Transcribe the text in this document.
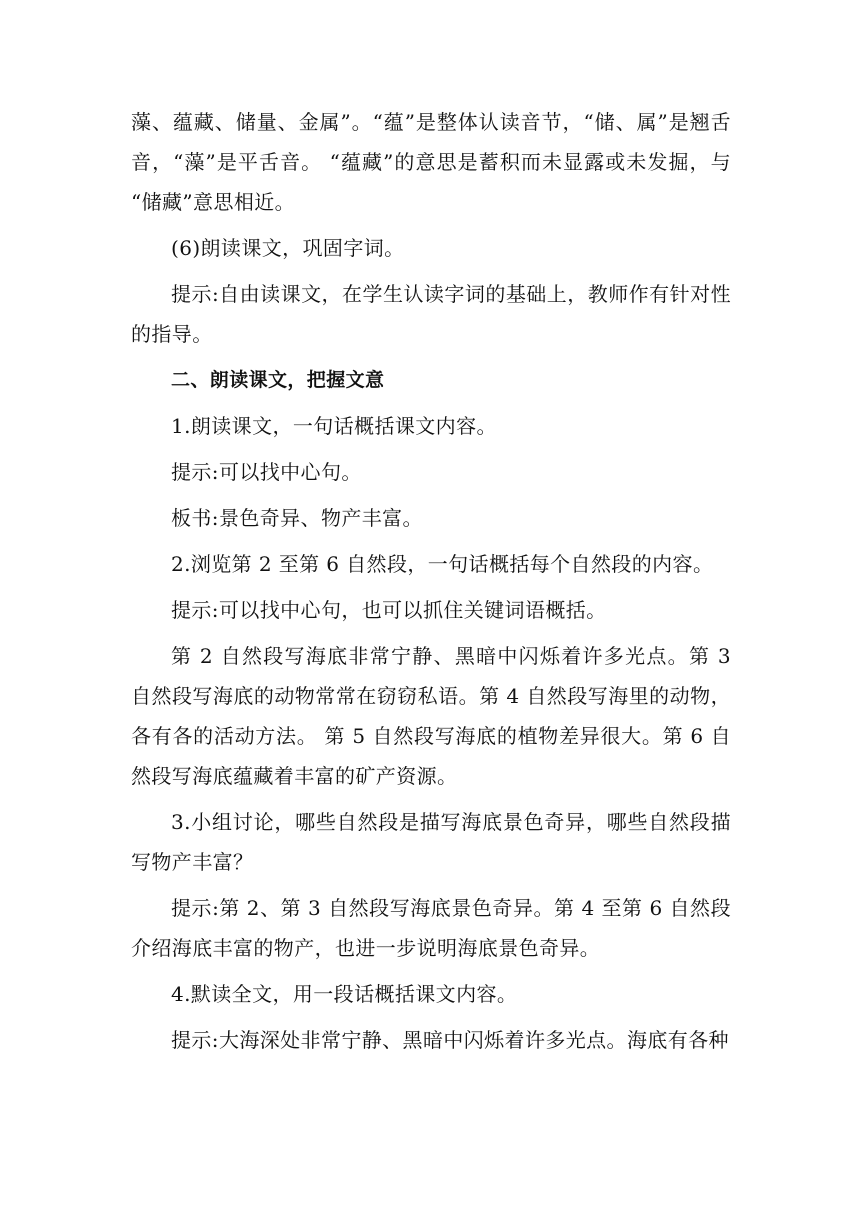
藻、蕴藏、储量、金属”。“蕴”是整体认读音节，“储、属”是翘舌音，“藻”是平舌音。 “蕴藏”的意思是蓄积而未显露或未发掘，与 “储藏”意思相近。

(6)朗读课文，巩固字词。

提示:自由读课文，在学生认读字词的基础上，教师作有针对性的指导。

二、朗读课文，把握文意

1.朗读课文，一句话概括课文内容。

提示:可以找中心句。

板书:景色奇异、物产丰富。

2.浏览第 2 至第 6 自然段，一句话概括每个自然段的内容。

提示:可以找中心句，也可以抓住关键词语概括。

第 2 自然段写海底非常宁静、黑暗中闪烁着许多光点。第 3 自然段写海底的动物常常在窃窃私语。第 4 自然段写海里的动物，各有各的活动方法。 第 5 自然段写海底的植物差异很大。第 6 自然段写海底蕴藏着丰富的矿产资源。

3.小组讨论，哪些自然段是描写海底景色奇异，哪些自然段描写物产丰富？

提示:第 2、第 3 自然段写海底景色奇异。第 4 至第 6 自然段介绍海底丰富的物产，也进一步说明海底景色奇异。

4.默读全文，用一段话概括课文内容。

提示:大海深处非常宁静、黑暗中闪烁着许多光点。海底有各种
